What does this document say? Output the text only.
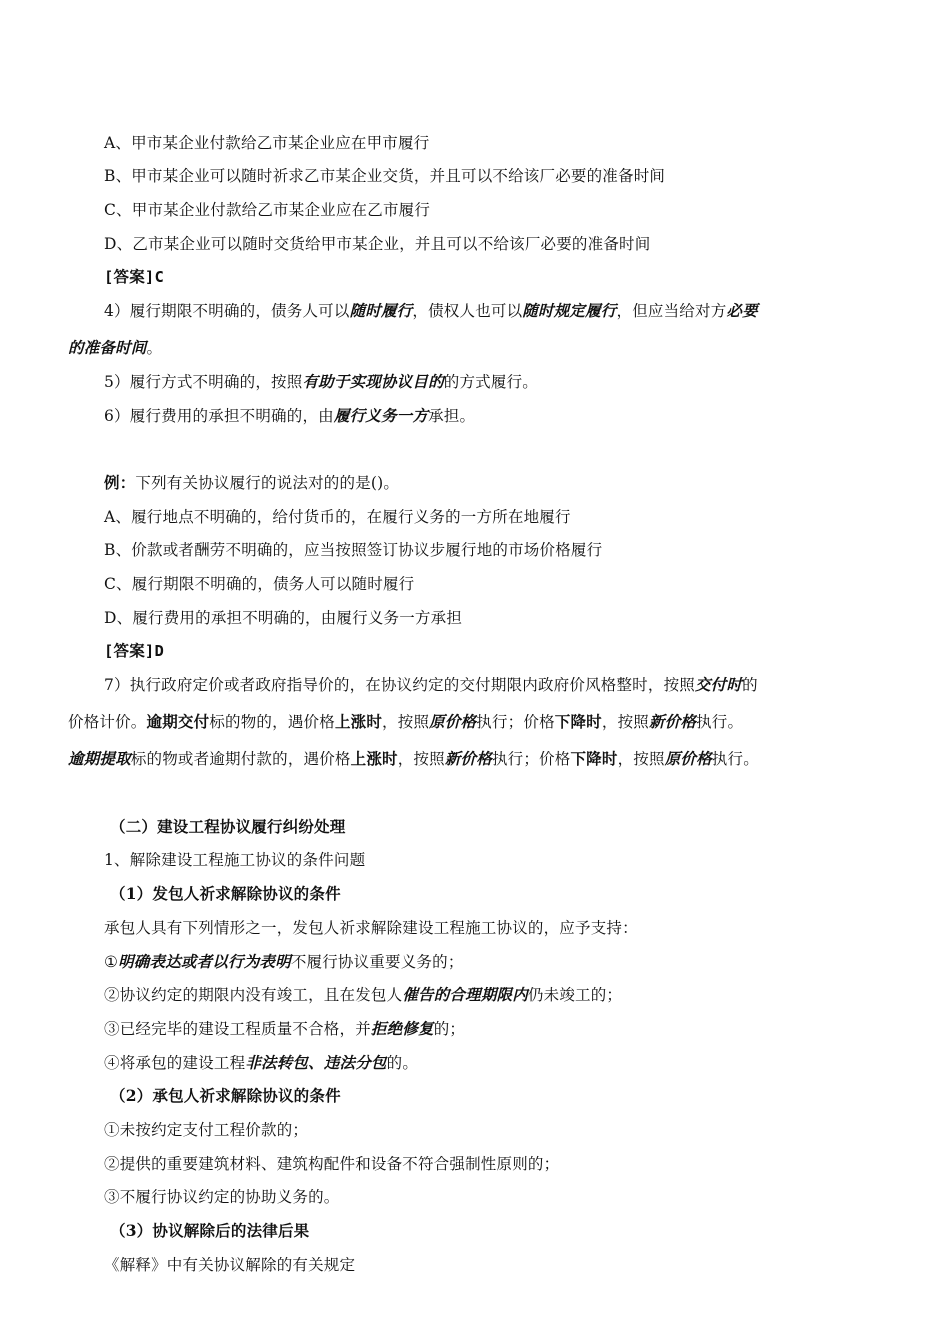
A、甲市某企业付款给乙市某企业应在甲市履行
B、甲市某企业可以随时祈求乙市某企业交货，并且可以不给该厂必要的准备时间
C、甲市某企业付款给乙市某企业应在乙市履行
D、乙市某企业可以随时交货给甲市某企业，并且可以不给该厂必要的准备时间
[答案]C
4）履行期限不明确的，债务人可以随时履行，债权人也可以随时规定履行，但应当给对方必要
的准备时间。
5）履行方式不明确的，按照有助于实现协议目的的方式履行。
6）履行费用的承担不明确的，由履行义务一方承担。
例：下列有关协议履行的说法对的的是()。
A、履行地点不明确的，给付货币的，在履行义务的一方所在地履行
B、价款或者酬劳不明确的，应当按照签订协议步履行地的市场价格履行
C、履行期限不明确的，债务人可以随时履行
D、履行费用的承担不明确的，由履行义务一方承担
[答案]D
7）执行政府定价或者政府指导价的，在协议约定的交付期限内政府价风格整时，按照交付时的
价格计价。逾期交付标的物的，遇价格上涨时，按照原价格执行；价格下降时，按照新价格执行。
逾期提取标的物或者逾期付款的，遇价格上涨时，按照新价格执行；价格下降时，按照原价格执行。
（二）建设工程协议履行纠纷处理
1、解除建设工程施工协议的条件问题
（1）发包人祈求解除协议的条件
承包人具有下列情形之一，发包人祈求解除建设工程施工协议的，应予支持：
①明确表达或者以行为表明不履行协议重要义务的；
②协议约定的期限内没有竣工，且在发包人催告的合理期限内仍未竣工的；
③已经完毕的建设工程质量不合格，并拒绝修复的；
④将承包的建设工程非法转包、违法分包的。
（2）承包人祈求解除协议的条件
①未按约定支付工程价款的；
②提供的重要建筑材料、建筑构配件和设备不符合强制性原则的；
③不履行协议约定的协助义务的。
（3）协议解除后的法律后果
《解释》中有关协议解除的有关规定
